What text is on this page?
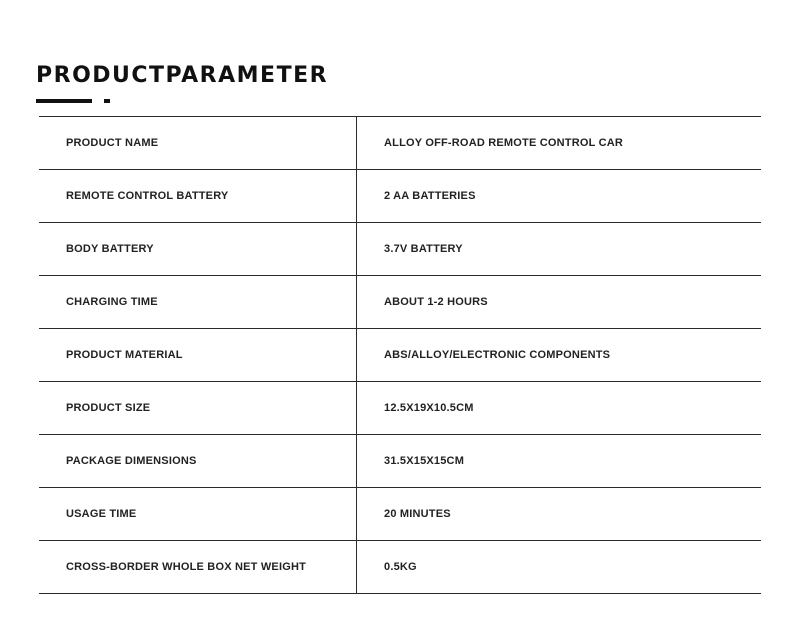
PRODUCTPARAMETER
PRODUCT NAME	ALLOY OFF-ROAD REMOTE CONTROL CAR
REMOTE CONTROL BATTERY	2 AA BATTERIES
BODY BATTERY	3.7V BATTERY
CHARGING TIME	ABOUT 1-2 HOURS
PRODUCT MATERIAL	ABS/ALLOY/ELECTRONIC COMPONENTS
PRODUCT SIZE	12.5X19X10.5CM
PACKAGE DIMENSIONS	31.5X15X15CM
USAGE TIME	20 MINUTES
CROSS-BORDER WHOLE BOX NET WEIGHT	0.5KG
